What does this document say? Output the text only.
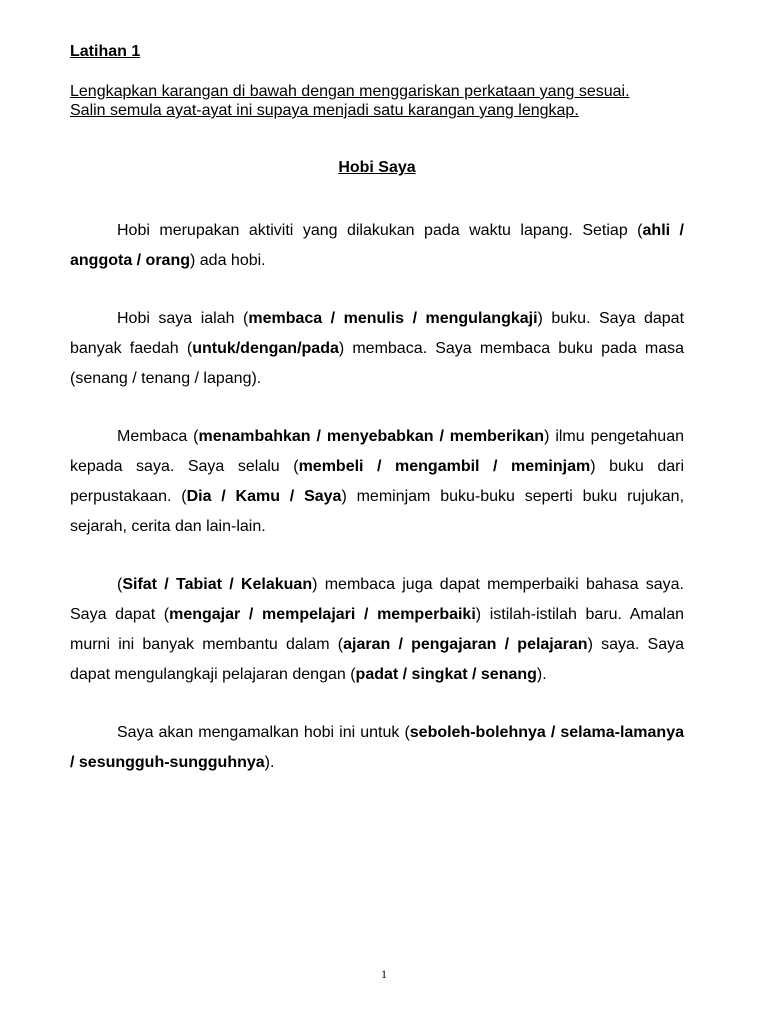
Latihan 1

Lengkapkan karangan di bawah dengan menggariskan perkataan yang sesuai.

Salin semula ayat-ayat ini supaya menjadi satu karangan yang lengkap.

Hobi Saya

Hobi merupakan aktiviti yang dilakukan pada waktu lapang. Setiap (ahli / anggota / orang) ada hobi.

Hobi saya ialah (membaca / menulis / mengulangkaji) buku. Saya dapat banyak faedah (untuk/dengan/pada) membaca. Saya membaca buku pada masa (senang / tenang / lapang).

Membaca (menambahkan / menyebabkan / memberikan) ilmu pengetahuan kepada saya. Saya selalu (membeli / mengambil / meminjam) buku dari perpustakaan. (Dia / Kamu / Saya) meminjam buku-buku seperti buku rujukan, sejarah, cerita dan lain-lain.

(Sifat / Tabiat / Kelakuan) membaca juga dapat memperbaiki bahasa saya. Saya dapat (mengajar / mempelajari / memperbaiki) istilah-istilah baru. Amalan murni ini banyak membantu dalam (ajaran / pengajaran / pelajaran) saya. Saya dapat mengulangkaji pelajaran dengan (padat / singkat / senang).

Saya akan mengamalkan hobi ini untuk (seboleh-bolehnya / selama-lamanya / sesungguh-sungguhnya).

1
